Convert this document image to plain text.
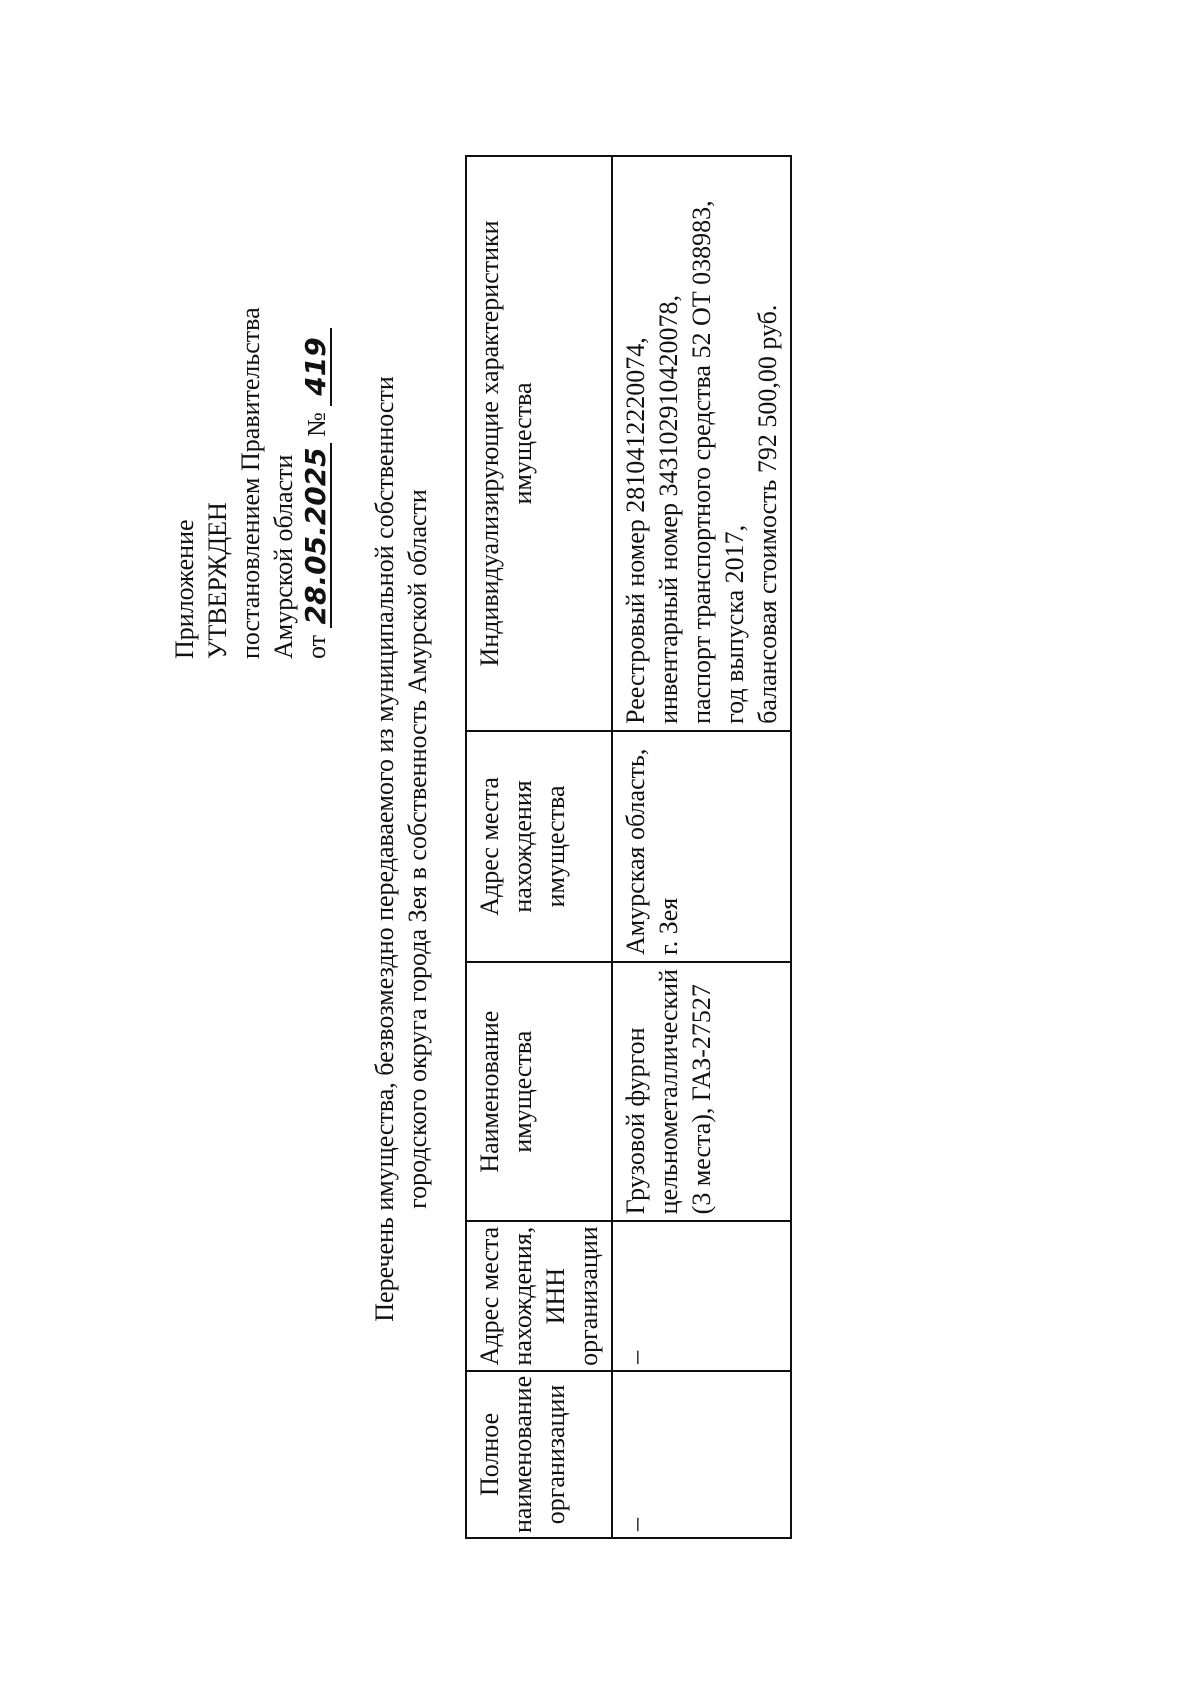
Приложение УТВЕРЖДЕН постановлением Правительства Амурской области от 28.05.2025 № 419
Перечень имущества, безвозмездно передаваемого из муниципальной собственности городского округа города Зея в собственность Амурской области
Полное наименование организации	Адрес места нахождения, ИНН организации	Наименование имущества	Адрес места нахождения имущества	Индивидуализирующие характеристики имущества
–	–	Грузовой фургон цельнометаллический (3 места), ГАЗ-27527	Амурская область, г. Зея	Реестровый номер 2810412220074, инвентарный номер 343102910420078, паспорт транспортного средства 52 ОТ 038983, год выпуска 2017, балансовая стоимость 792 500,00 руб.
